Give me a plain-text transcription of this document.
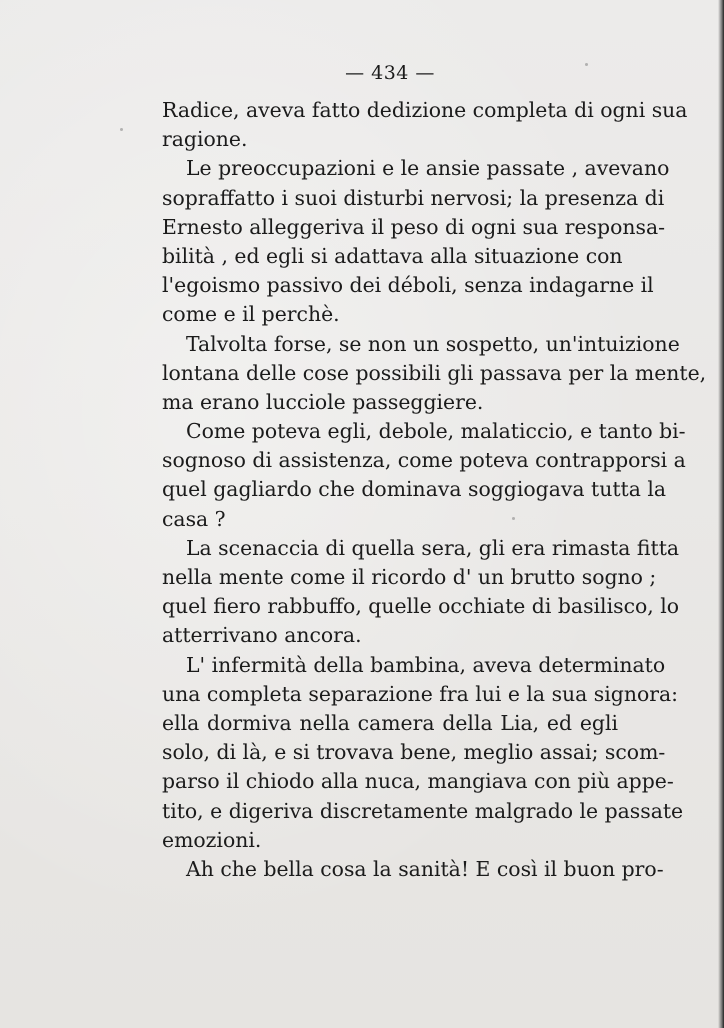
— 434 —
Radice, aveva fatto dedizione completa di ogni sua
ragione.
Le preoccupazioni e le ansie passate , avevano
sopraffatto i suoi disturbi nervosi; la presenza di
Ernesto alleggeriva il peso di ogni sua responsa-
bilità , ed egli si adattava alla situazione con
l'egoismo passivo dei déboli, senza indagarne il
come e il perchè.
Talvolta forse, se non un sospetto, un'intuizione
lontana delle cose possibili gli passava per la mente,
ma erano lucciole passeggiere.
Come poteva egli, debole, malaticcio, e tanto bi-
sognoso di assistenza, come poteva contrapporsi a
quel gagliardo che dominava soggiogava tutta la
casa ?
La scenaccia di quella sera, gli era rimasta fitta
nella mente come il ricordo d' un brutto sogno ;
quel fiero rabbuffo, quelle occhiate di basilisco, lo
atterrivano ancora.
L' infermità della bambina, aveva determinato
una completa separazione fra lui e la sua signora:
ella dormiva nella camera della Lia, ed egli
solo, di là, e si trovava bene, meglio assai; scom-
parso il chiodo alla nuca, mangiava con più appe-
tito, e digeriva discretamente malgrado le passate
emozioni.
Ah che bella cosa la sanità! E così il buon pro-
